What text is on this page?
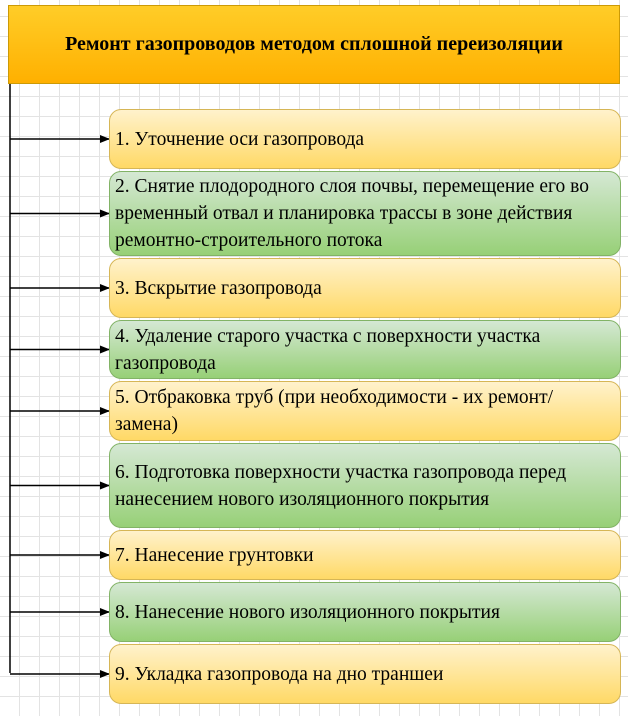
Ремонт газопроводов методом сплошной переизоляции
1. Уточнение оси газопровода
2. Снятие плодородного слоя почвы, перемещение его во временный отвал и планировка трассы в зоне действия ремонтно-строительного потока
3. Вскрытие газопровода
4. Удаление старого участка с поверхности участка газопровода
5. Отбраковка труб (при необходимости - их ремонт/замена)
6. Подготовка поверхности участка газопровода перед нанесением нового изоляционного покрытия
7. Нанесение грунтовки
8. Нанесение нового изоляционного покрытия
9. Укладка газопровода на дно траншеи
